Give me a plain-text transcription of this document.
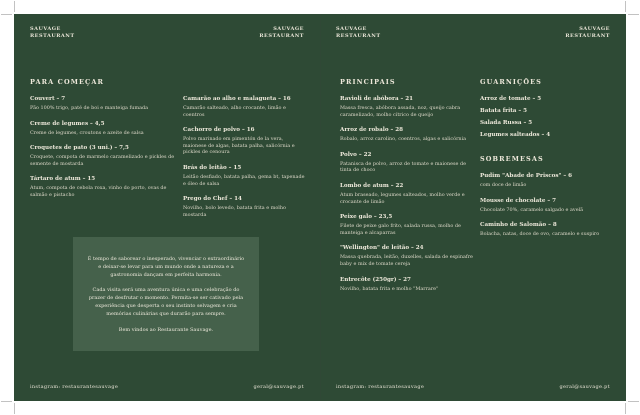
SAUVAGE
RESTAURANT
SAUVAGE
RESTAURANT
PARA COMEÇAR

Couvert – 7

Pão 100% trigo, paté de boi e manteiga fumada

Creme de legumes – 4,5

Creme de legumes, croutons e azeite de salsa

Croquetes de pato (3 uni.) – 7,5

Croquete, compota de marmelo caramelizado e pickles de semente de mostarda

Tártaro de atum – 15

Atum, compota de cebola roxa, vinho do porto, ovas de salmão e pistacho

Camarão ao alho e malagueta – 16

Camarão salteado, alho crocante, limão e coentros

Cachorro de polvo – 16

Polvo marinado em pimentón de la vera, maionese de algas, batata palha, salicórnia e pickles de cenoura

Brás do leitão – 15

Leitão desfiado, batata palha, gema bt, tapenade e óleo de salsa

Prego do Chef – 14

Novilho, bolo levedo, batata frita e molho mostarda

É tempo de saborear o inesperado, vivenciar o extraordinário e deixar-se levar para um mundo onde a natureza e a gastronomia dançam em perfeita harmonia.

Cada visita será uma aventura única e uma celebração do prazer de desfrutar o momento. Permita-se ser cativado pela experiência que desperta o seu instinto selvagem e cria memórias culinárias que durarão para sempre.

Bem vindos ao Restaurante Sauvage.

instagram: restaurantesauvage	geral@sauvage.pt
SAUVAGE
RESTAURANT
SAUVAGE
RESTAURANT
PRINCIPAIS

Ravioli de abóbora – 21

Massa fresca, abóbora assada, noz, queijo cabra caramelizado, molho cítrico de queijo

Arroz de robalo – 28

Robalo, arroz carolino, coentros, algas e salicórnia

Polvo – 22

Patanisca de polvo, arroz de tomate e maionese de tinta de choco

Lombo de atum – 22

Atum braseado, legumes salteados, molho verde e crocante de limão

Peixe galo – 23,5

Filete de peixe galo frito, salada russa, molho de manteiga e alcaparras

"Wellington" de leitão – 24

Massa quebrada, leitão, duxelles, salada de espinafre baby e mix de tomate cereja

Entrecôte (250gr) – 27

Novilho, batata frita e molho "Marrare"

GUARNIÇÕES

Arroz de tomate – 5

Batata frita – 5

Salada Russa – 5

Legumes salteados – 4

SOBREMESAS

Pudim "Abade de Priscos" – 6

com doce de limão

Mousse de chocolate – 7

Chocolate 70%, caramelo salgado e avelã

Caminho de Salomão – 8

Bolacha, natas, doce de ovo, caramelo e suspiro

instagram: restaurantesauvage	geral@sauvage.pt
